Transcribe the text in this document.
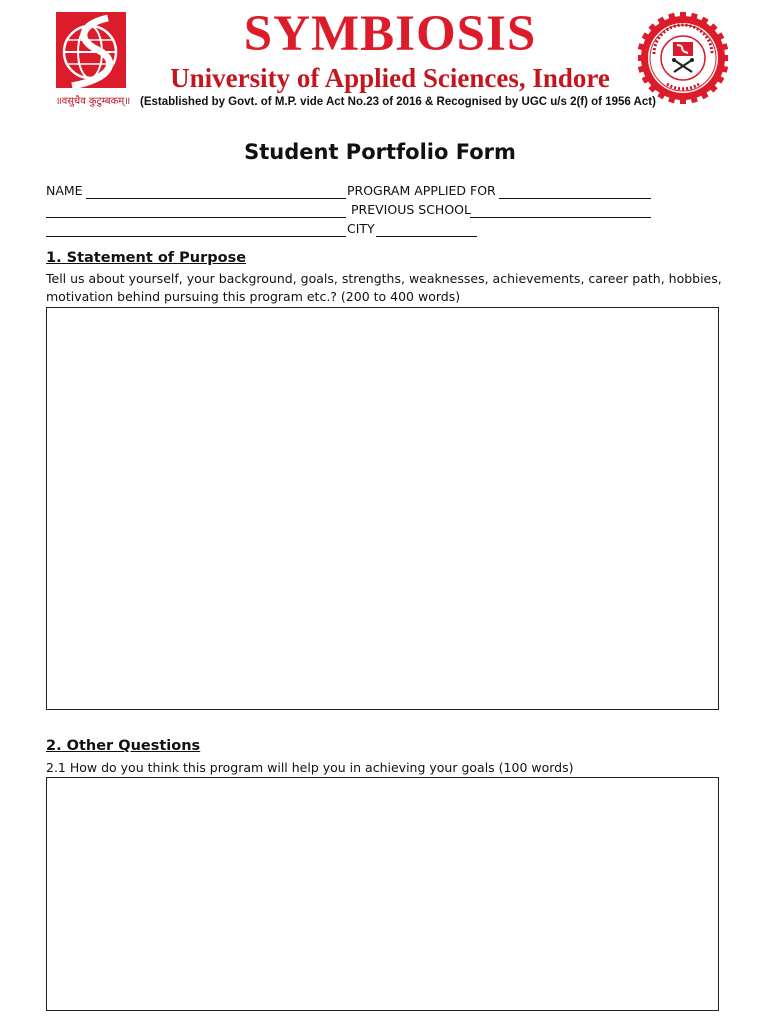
॥वसुधैव कुटुम्बकम्॥
SYMBIOSIS
University of Applied Sciences, Indore
(Established by Govt. of M.P. vide Act No.23 of 2016 & Recognised by UGC u/s 2(f) of 1956 Act)
Student Portfolio Form
NAME	PROGRAM APPLIED FOR
PREVIOUS SCHOOL
CITY
1. Statement of Purpose
Tell us about yourself, your background, goals, strengths, weaknesses, achievements, career path, hobbies, motivation behind pursuing this program etc.? (200 to 400 words)
2. Other Questions
2.1 How do you think this program will help you in achieving your goals (100 words)
